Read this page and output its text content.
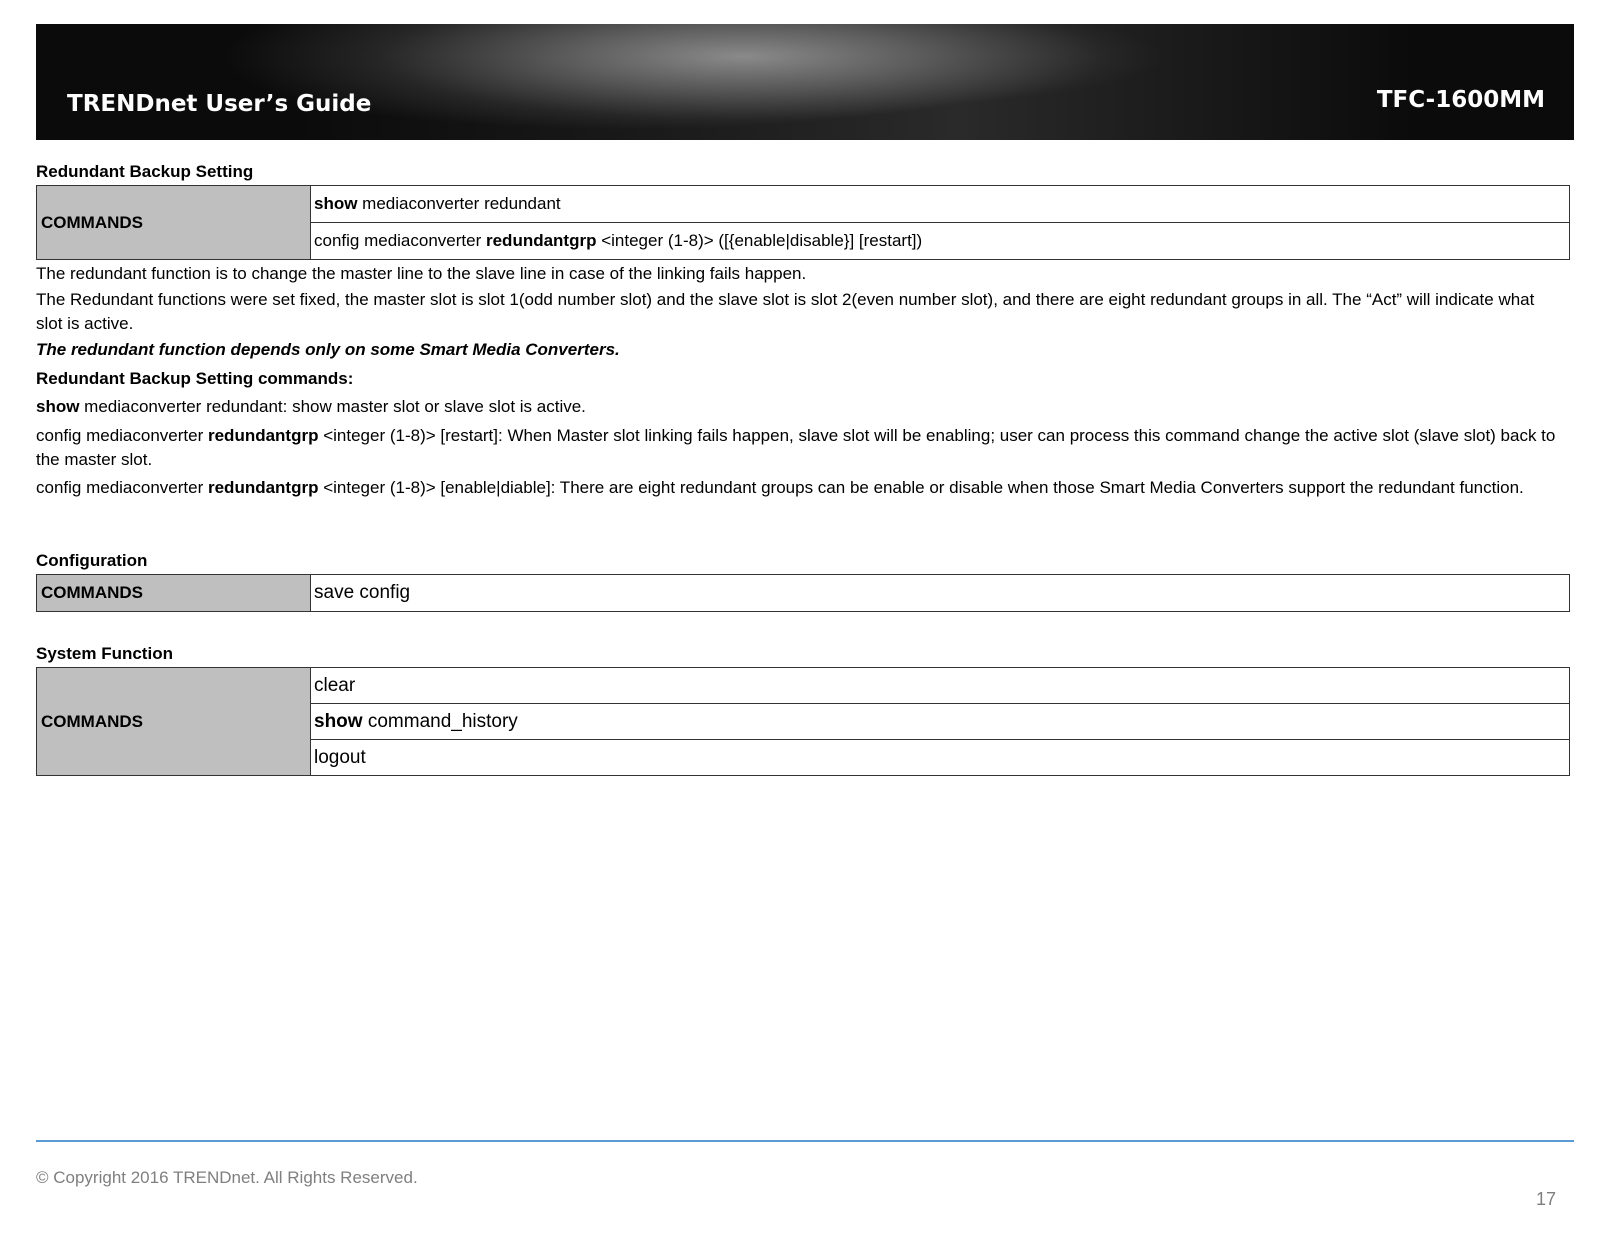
TRENDnet User’s Guide	TFC-1600MM
Redundant Backup Setting
COMMANDS	show mediaconverter redundant
config mediaconverter redundantgrp <integer (1-8)> ([{enable|disable}] [restart])
The redundant function is to change the master line to the slave line in case of the linking fails happen.
The Redundant functions were set fixed, the master slot is slot 1(odd number slot) and the slave slot is slot 2(even number slot), and there are eight redundant groups in all. The “Act” will indicate what slot is active.
The redundant function depends only on some Smart Media Converters.
Redundant Backup Setting commands:
show mediaconverter redundant: show master slot or slave slot is active.
config mediaconverter redundantgrp <integer (1-8)> [restart]: When Master slot linking fails happen, slave slot will be enabling; user can process this command change the active slot (slave slot) back to the master slot.
config mediaconverter redundantgrp <integer (1-8)> [enable|diable]: There are eight redundant groups can be enable or disable when those Smart Media Converters support the redundant function.
Configuration
COMMANDS	save config
System Function
COMMANDS	clear
show command_history
logout
© Copyright 2016 TRENDnet. All Rights Reserved.
17
